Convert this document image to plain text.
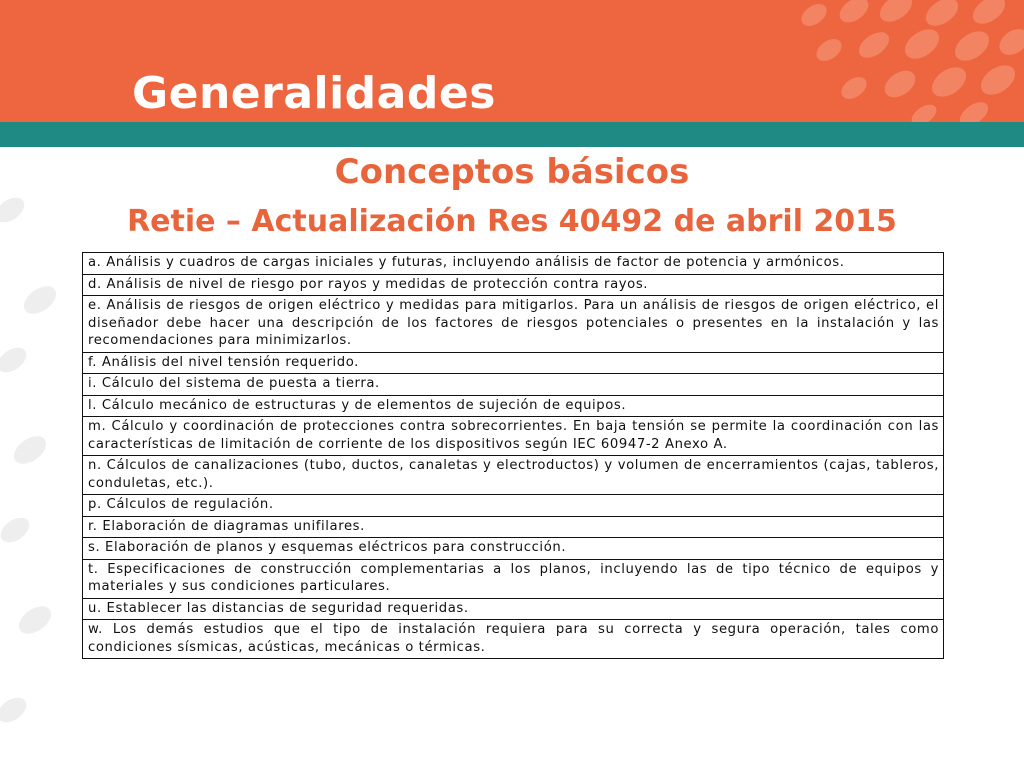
Generalidades
Conceptos básicos
Retie – Actualización Res 40492 de abril 2015
a. Análisis y cuadros de cargas iniciales y futuras, incluyendo análisis de factor de potencia y armónicos.
d. Análisis de nivel de riesgo por rayos y medidas de protección contra rayos.
e. Análisis de riesgos de origen eléctrico y medidas para mitigarlos. Para un análisis de riesgos de origen eléctrico, el diseñador debe hacer una descripción de los factores de riesgos potenciales o presentes en la instalación y las recomendaciones para minimizarlos.
f. Análisis del nivel tensión requerido.
i. Cálculo del sistema de puesta a tierra.
l. Cálculo mecánico de estructuras y de elementos de sujeción de equipos.
m. Cálculo y coordinación de protecciones contra sobrecorrientes. En baja tensión se permite la coordinación con las características de limitación de corriente de los dispositivos según IEC 60947-2 Anexo A.
n. Cálculos de canalizaciones (tubo, ductos, canaletas y electroductos) y volumen de encerramientos (cajas, tableros, conduletas, etc.).
p. Cálculos de regulación.
r. Elaboración de diagramas unifilares.
s. Elaboración de planos y esquemas eléctricos para construcción.
t. Especificaciones de construcción complementarias a los planos, incluyendo las de tipo técnico de equipos y materiales y sus condiciones particulares.
u. Establecer las distancias de seguridad requeridas.
w. Los demás estudios que el tipo de instalación requiera para su correcta y segura operación, tales como condiciones sísmicas, acústicas, mecánicas o térmicas.
